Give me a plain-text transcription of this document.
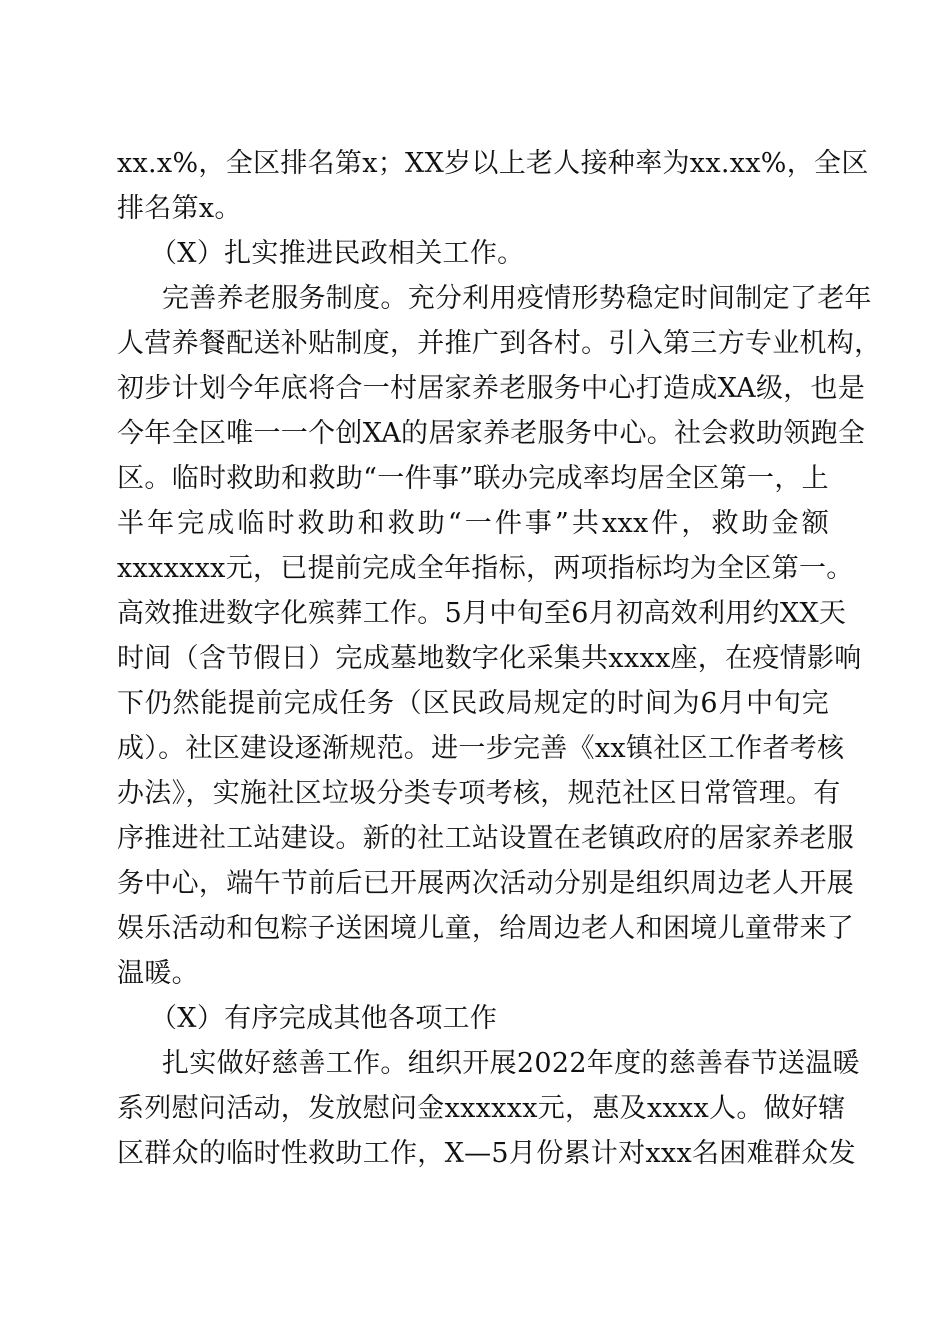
xx.x%，全区排名第x；XX岁以上老人接种率为xx.xx%，全区
排名第x。
（X）扎实推进民政相关工作。
完善养老服务制度。充分利用疫情形势稳定时间制定了老年
人营养餐配送补贴制度，并推广到各村。引入第三方专业机构，
初步计划今年底将合一村居家养老服务中心打造成XA级，也是
今年全区唯一一个创XA的居家养老服务中心。社会救助领跑全
区。临时救助和救助“一件事”联办完成率均居全区第一，上
半年完成临时救助和救助“一件事”共xxx件，救助金额
xxxxxxx元，已提前完成全年指标，两项指标均为全区第一。
高效推进数字化殡葬工作。5月中旬至6月初高效利用约XX天
时间（含节假日）完成墓地数字化采集共xxxx座，在疫情影响
下仍然能提前完成任务（区民政局规定的时间为6月中旬完
成）。社区建设逐渐规范。进一步完善《xx镇社区工作者考核
办法》，实施社区垃圾分类专项考核，规范社区日常管理。有
序推进社工站建设。新的社工站设置在老镇政府的居家养老服
务中心，端午节前后已开展两次活动分别是组织周边老人开展
娱乐活动和包粽子送困境儿童，给周边老人和困境儿童带来了
温暖。
（X）有序完成其他各项工作
扎实做好慈善工作。组织开展2022年度的慈善春节送温暖
系列慰问活动，发放慰问金xxxxxx元，惠及xxxx人。做好辖
区群众的临时性救助工作，X—5月份累计对xxx名困难群众发
